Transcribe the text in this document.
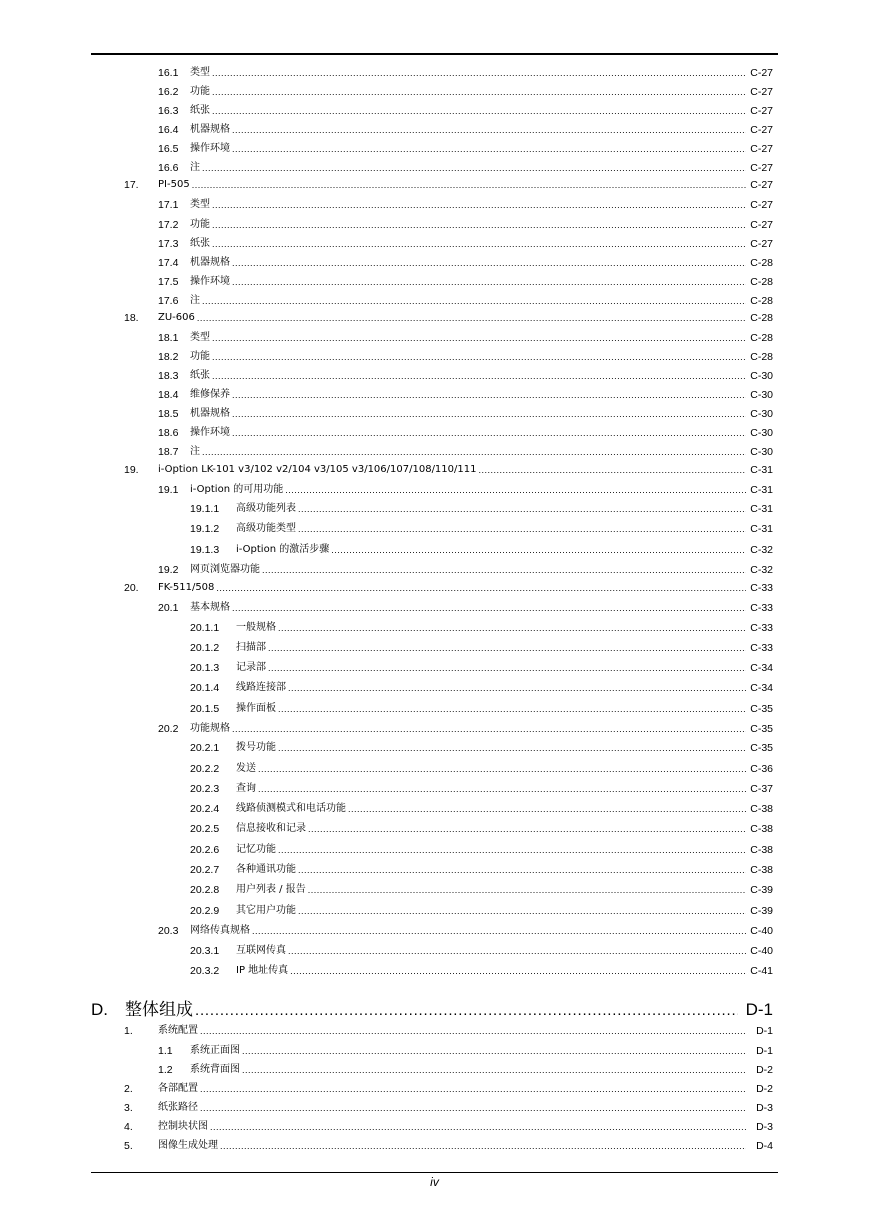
16.1 类型	C-27
.....
16.2 功能	C-27
.....
16.3 纸张	C-27
.....
16.4 机器规格	C-27
.....
16.5 操作环境	C-27
.....
16.6 注	C-27
.....
17. PI-505	C-27
.....
17.1 类型	C-27
.....
17.2 功能	C-27
.....
17.3 纸张	C-27
.....
17.4 机器规格	C-28
.....
17.5 操作环境	C-28
.....
17.6 注	C-28
.....
18. ZU-606	C-28
.....
18.1 类型	C-28
.....
18.2 功能	C-28
.....
18.3 纸张	C-30
.....
18.4 维修保养	C-30
.....
18.5 机器规格	C-30
.....
18.6 操作环境	C-30
.....
18.7 注	C-30
.....
19. i-Option LK-101 v3/102 v2/104 v3/105 v3/106/107/108/110/111	C-31
.....
19.1 i-Option 的可用功能	C-31
.....
19.1.1 高级功能列表	C-31
.....
19.1.2 高级功能类型	C-31
.....
19.1.3 i-Option 的激活步骤	C-32
.....
19.2 网页浏览器功能	C-32
.....
20. FK-511/508	C-33
.....
20.1 基本规格	C-33
.....
20.1.1 一般规格	C-33
.....
20.1.2 扫描部	C-33
.....
20.1.3 记录部	C-34
.....
20.1.4 线路连接部	C-34
.....
20.1.5 操作面板	C-35
.....
20.2 功能规格	C-35
.....
20.2.1 拨号功能	C-35
.....
20.2.2 发送	C-36
.....
20.2.3 查询	C-37
.....
20.2.4 线路侦测模式和电话功能	C-38
.....
20.2.5 信息接收和记录	C-38
.....
20.2.6 记忆功能	C-38
.....
20.2.7 各种通讯功能	C-38
.....
20.2.8 用户列表 / 报告	C-39
.....
20.2.9 其它用户功能	C-39
.....
20.3 网络传真规格	C-40
.....
20.3.1 互联网传真	C-40
.....
20.3.2 IP 地址传真	C-41
.....
D. 整体组成	D-1
.....
1.	系统配置	D-1
.....
1.1 系统正面图	D-1
.....
1.2 系统背面图	D-2
.....
2.	各部配置	D-2
.....
3.	纸张路径	D-3
.....
4.	控制块状图	D-3
.....
5.	图像生成处理	D-4
.....
iv
